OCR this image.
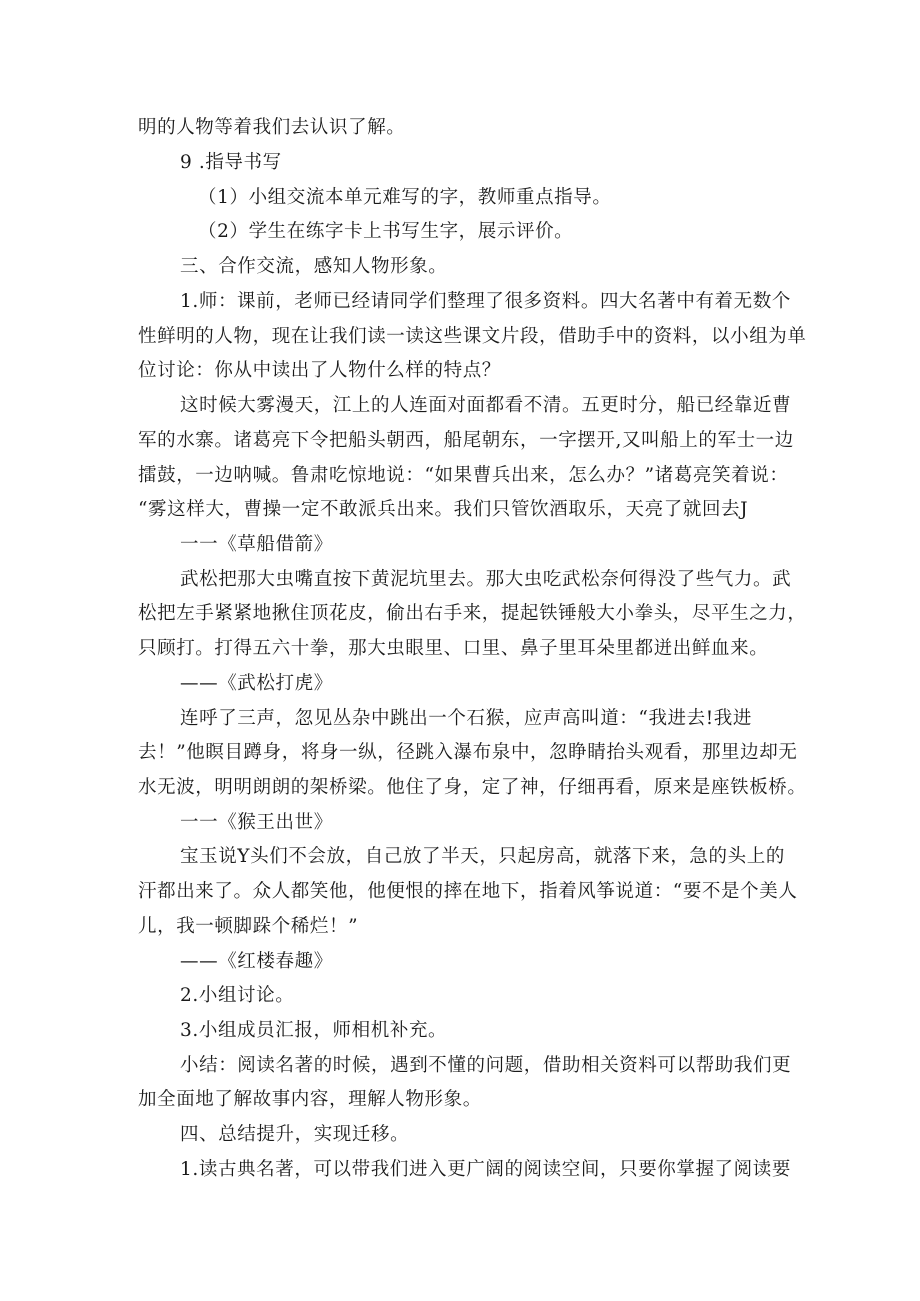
明的人物等着我们去认识了解。
9 .指导书写
（1）小组交流本单元难写的字，教师重点指导。
（2）学生在练字卡上书写生字，展示评价。
三、合作交流，感知人物形象。
1.师：课前，老师已经请同学们整理了很多资料。四大名著中有着无数个
性鲜明的人物，现在让我们读一读这些课文片段，借助手中的资料，以小组为单
位讨论：你从中读出了人物什么样的特点？
这时候大雾漫天，江上的人连面对面都看不清。五更时分，船已经靠近曹
军的水寨。诸葛亮下令把船头朝西，船尾朝东，一字摆开,又叫船上的军士一边
擂鼓，一边呐喊。鲁肃吃惊地说：“如果曹兵出来，怎么办？”诸葛亮笑着说：
“雾这样大，曹操一定不敢派兵出来。我们只管饮酒取乐，天亮了就回去J
一一《草船借箭》
武松把那大虫嘴直按下黄泥坑里去。那大虫吃武松奈何得没了些气力。武
松把左手紧紧地揪住顶花皮，偷出右手来，提起铁锤般大小拳头，尽平生之力，
只顾打。打得五六十拳，那大虫眼里、口里、鼻子里耳朵里都迸出鲜血来。
——《武松打虎》
连呼了三声，忽见丛杂中跳出一个石猴，应声高叫道：“我进去!我进
去！”他瞑目蹲身，将身一纵，径跳入瀑布泉中，忽睁睛抬头观看，那里边却无
水无波，明明朗朗的架桥梁。他住了身，定了神，仔细再看，原来是座铁板桥。
一一《猴王出世》
宝玉说Y头们不会放，自己放了半天，只起房高，就落下来，急的头上的
汗都出来了。众人都笑他，他便恨的摔在地下，指着风筝说道：“要不是个美人
儿，我一顿脚跺个稀烂！”
——《红楼春趣》
2.小组讨论。
3.小组成员汇报，师相机补充。
小结：阅读名著的时候，遇到不懂的问题，借助相关资料可以帮助我们更
加全面地了解故事内容，理解人物形象。
四、总结提升，实现迁移。
1.读古典名著，可以带我们进入更广阔的阅读空间，只要你掌握了阅读要
